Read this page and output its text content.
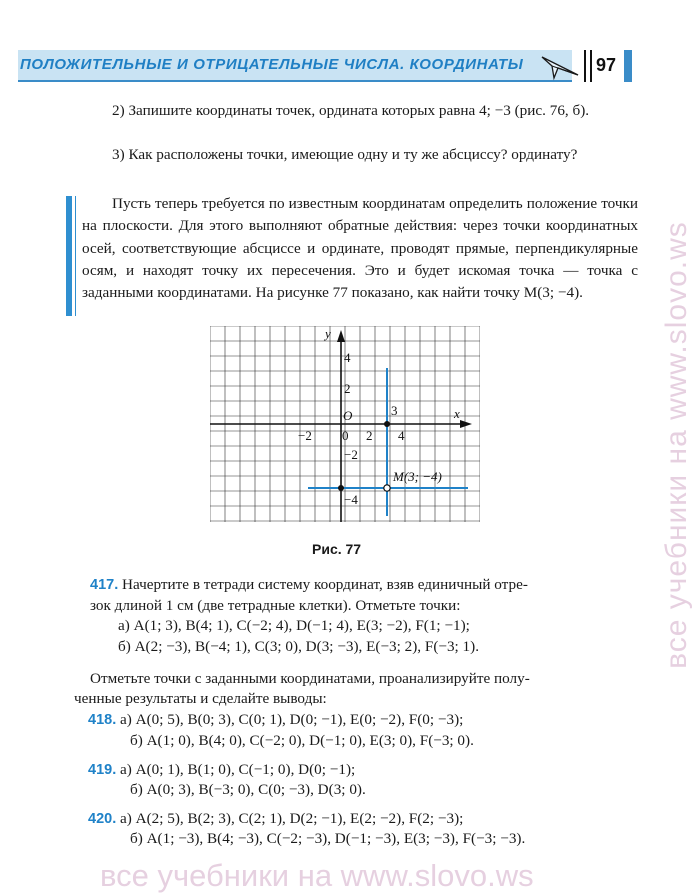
ПОЛОЖИТЕЛЬНЫЕ И ОТРИЦАТЕЛЬНЫЕ ЧИСЛА. КООРДИНАТЫ	97
2) Запишите координаты точек, ордината которых равна 4; −3 (рис. 76, б).
3) Как расположены точки, имеющие одну и ту же абсциссу? ординату?
Пусть теперь требуется по известным координатам определить положение точки на плоскости. Для этого выполняют обратные действия: через точки координатных осей, соответствующие абсциссе и ординате, проводят прямые, перпендикулярные осям, и находят точку их пересечения. Это и будет искомая точка — точка с заданными координатами. На рисунке 77 показано, как найти точку M(3; −4).
y
x
O
4
2
0
−2	2 4
−2
−4
3
M(3; −4)
Рис. 77
417. Начертите в тетради систему координат, взяв единичный отре-
зок длиной 1 см (две тетрадные клетки). Отметьте точки:
а) A(1; 3), B(4; 1), C(−2; 4), D(−1; 4), E(3; −2), F(1; −1);
б) A(2; −3), B(−4; 1), C(3; 0), D(3; −3), E(−3; 2), F(−3; 1).
Отметьте точки с заданными координатами, проанализируйте полу-
ченные результаты и сделайте выводы:
418. а) A(0; 5), B(0; 3), C(0; 1), D(0; −1), E(0; −2), F(0; −3);
б) A(1; 0), B(4; 0), C(−2; 0), D(−1; 0), E(3; 0), F(−3; 0).
419. а) A(0; 1), B(1; 0), C(−1; 0), D(0; −1);
б) A(0; 3), B(−3; 0), C(0; −3), D(3; 0).
420. а) A(2; 5), B(2; 3), C(2; 1), D(2; −1), E(2; −2), F(2; −3);
б) A(1; −3), B(4; −3), C(−2; −3), D(−1; −3), E(3; −3), F(−3; −3).
все учебники на www.slovo.ws
все учебники на www.slovo.ws
